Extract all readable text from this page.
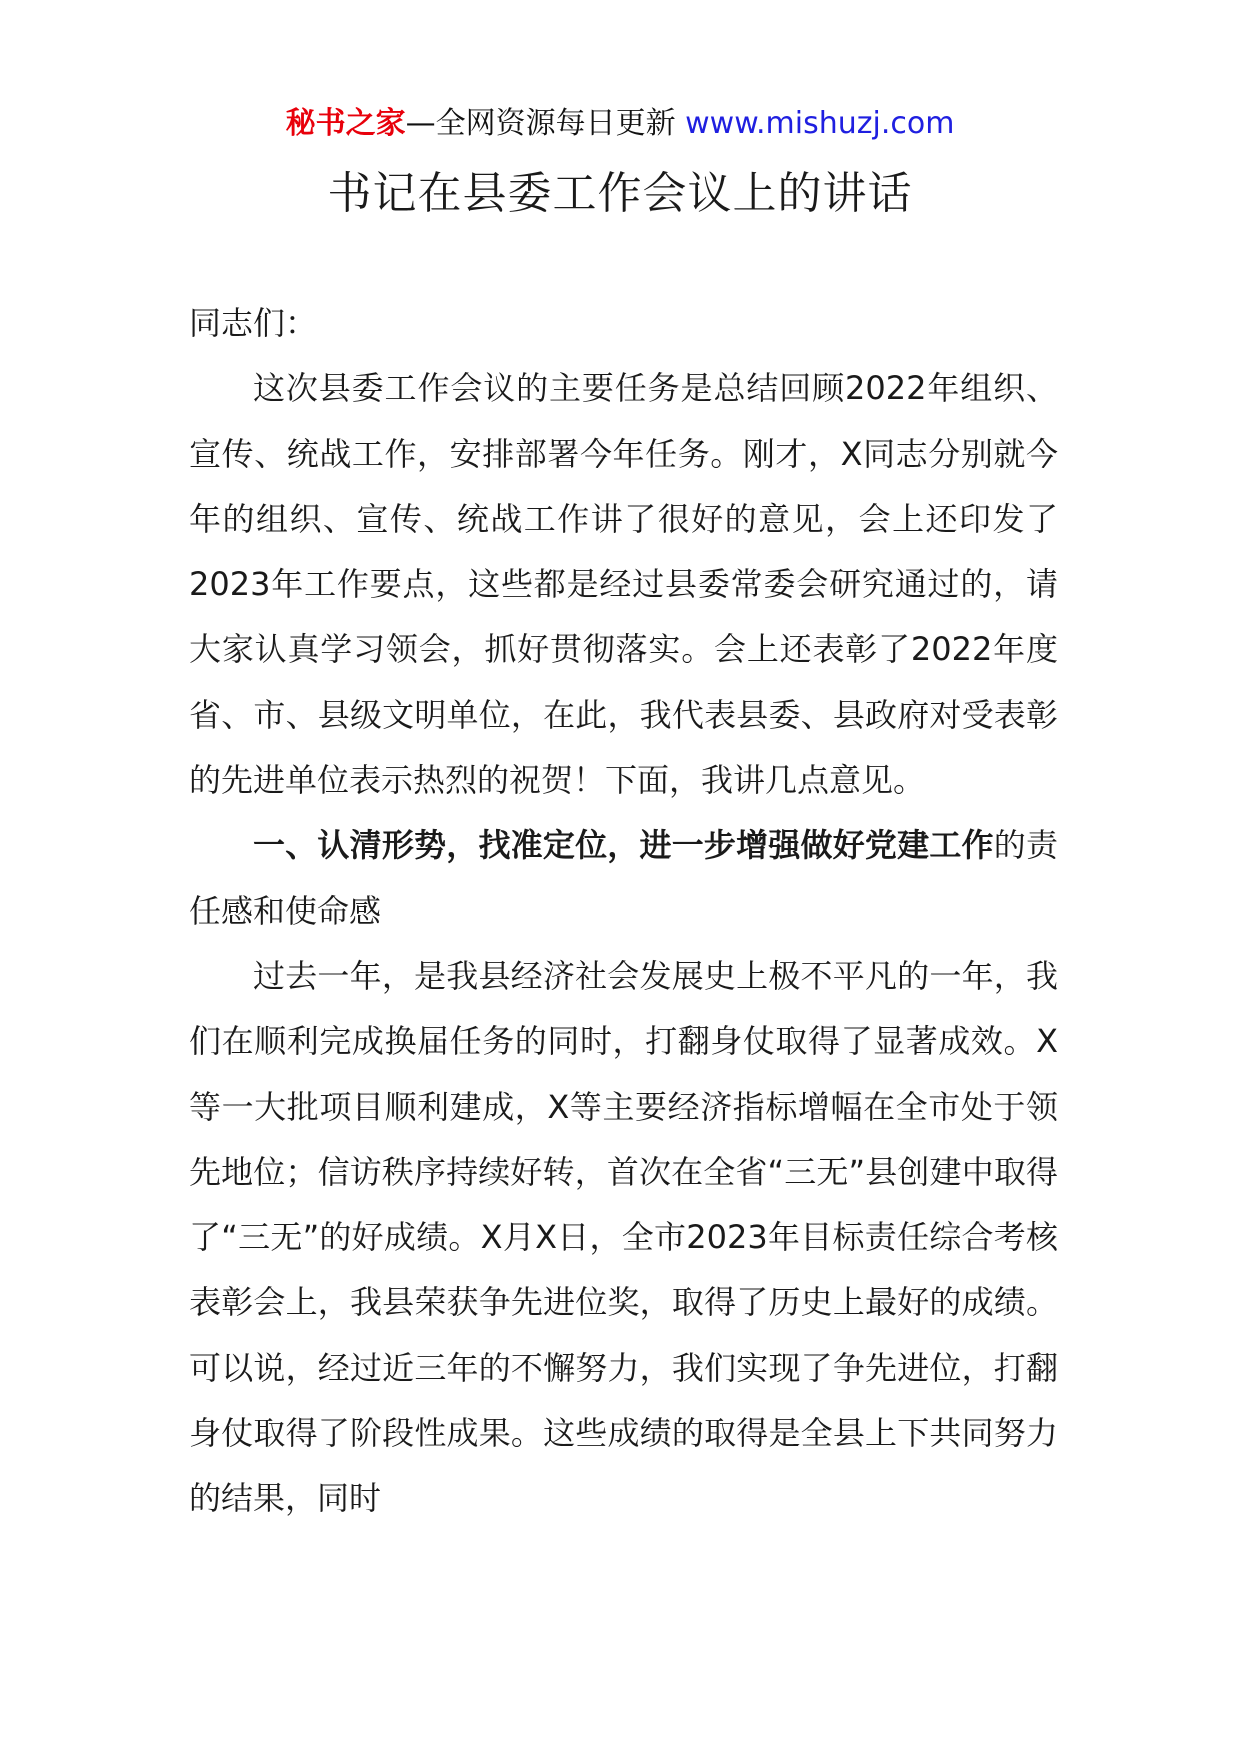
秘书之家—全网资源每日更新 www.mishuzj.com
书记在县委工作会议上的讲话

同志们：

这次县委工作会议的主要任务是总结回顾2022年组织、宣传、统战工作，安排部署今年任务。刚才，X同志分别就今年的组织、宣传、统战工作讲了很好的意见，会上还印发了2023年工作要点，这些都是经过县委常委会研究通过的，请大家认真学习领会，抓好贯彻落实。会上还表彰了2022年度省、市、县级文明单位，在此，我代表县委、县政府对受表彰的先进单位表示热烈的祝贺！下面，我讲几点意见。

一、认清形势，找准定位，进一步增强做好党建工作的责任感和使命感

过去一年，是我县经济社会发展史上极不平凡的一年，我们在顺利完成换届任务的同时，打翻身仗取得了显著成效。X等一大批项目顺利建成，X等主要经济指标增幅在全市处于领先地位；信访秩序持续好转，首次在全省“三无”县创建中取得了“三无”的好成绩。X月X日，全市2023年目标责任综合考核表彰会上，我县荣获争先进位奖，取得了历史上最好的成绩。可以说，经过近三年的不懈努力，我们实现了争先进位，打翻身仗取得了阶段性成果。这些成绩的取得是全县上下共同努力的结果，同时
